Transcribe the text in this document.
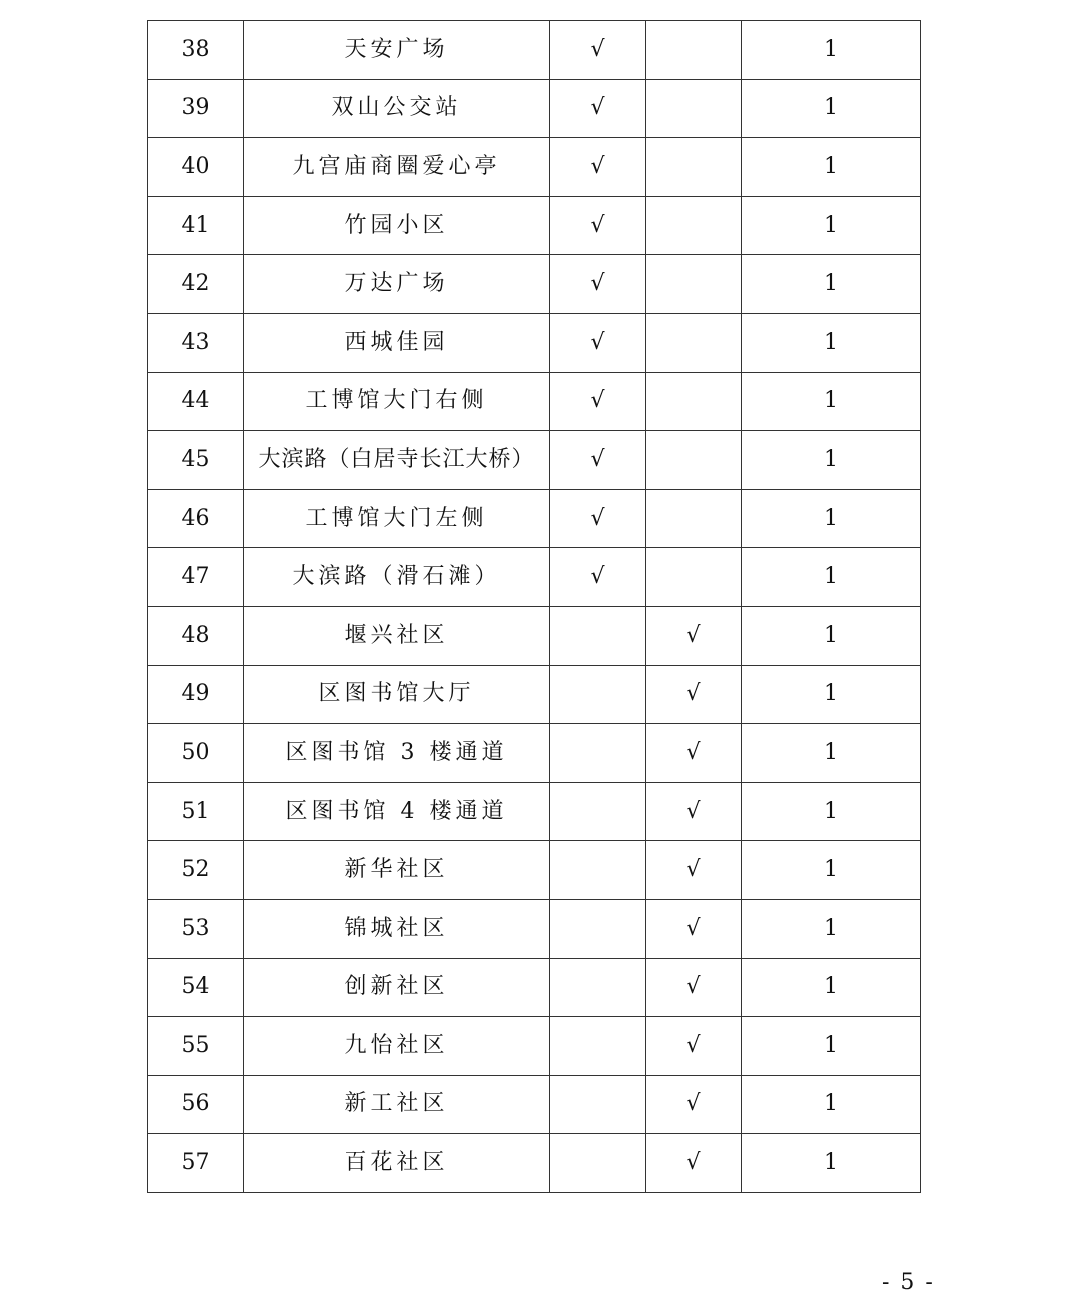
38	天安广场	√		1
39	双山公交站	√		1
40	九宫庙商圈爱心亭	√		1
41	竹园小区	√		1
42	万达广场	√		1
43	西城佳园	√		1
44	工博馆大门右侧	√		1
45	大滨路（白居寺长江大桥）	√		1
46	工博馆大门左侧	√		1
47	大滨路（滑石滩）	√		1
48	堰兴社区		√	1
49	区图书馆大厅		√	1
50	区图书馆 3 楼通道		√	1
51	区图书馆 4 楼通道		√	1
52	新华社区		√	1
53	锦城社区		√	1
54	创新社区		√	1
55	九怡社区		√	1
56	新工社区		√	1
57	百花社区		√	1
- 5 -
